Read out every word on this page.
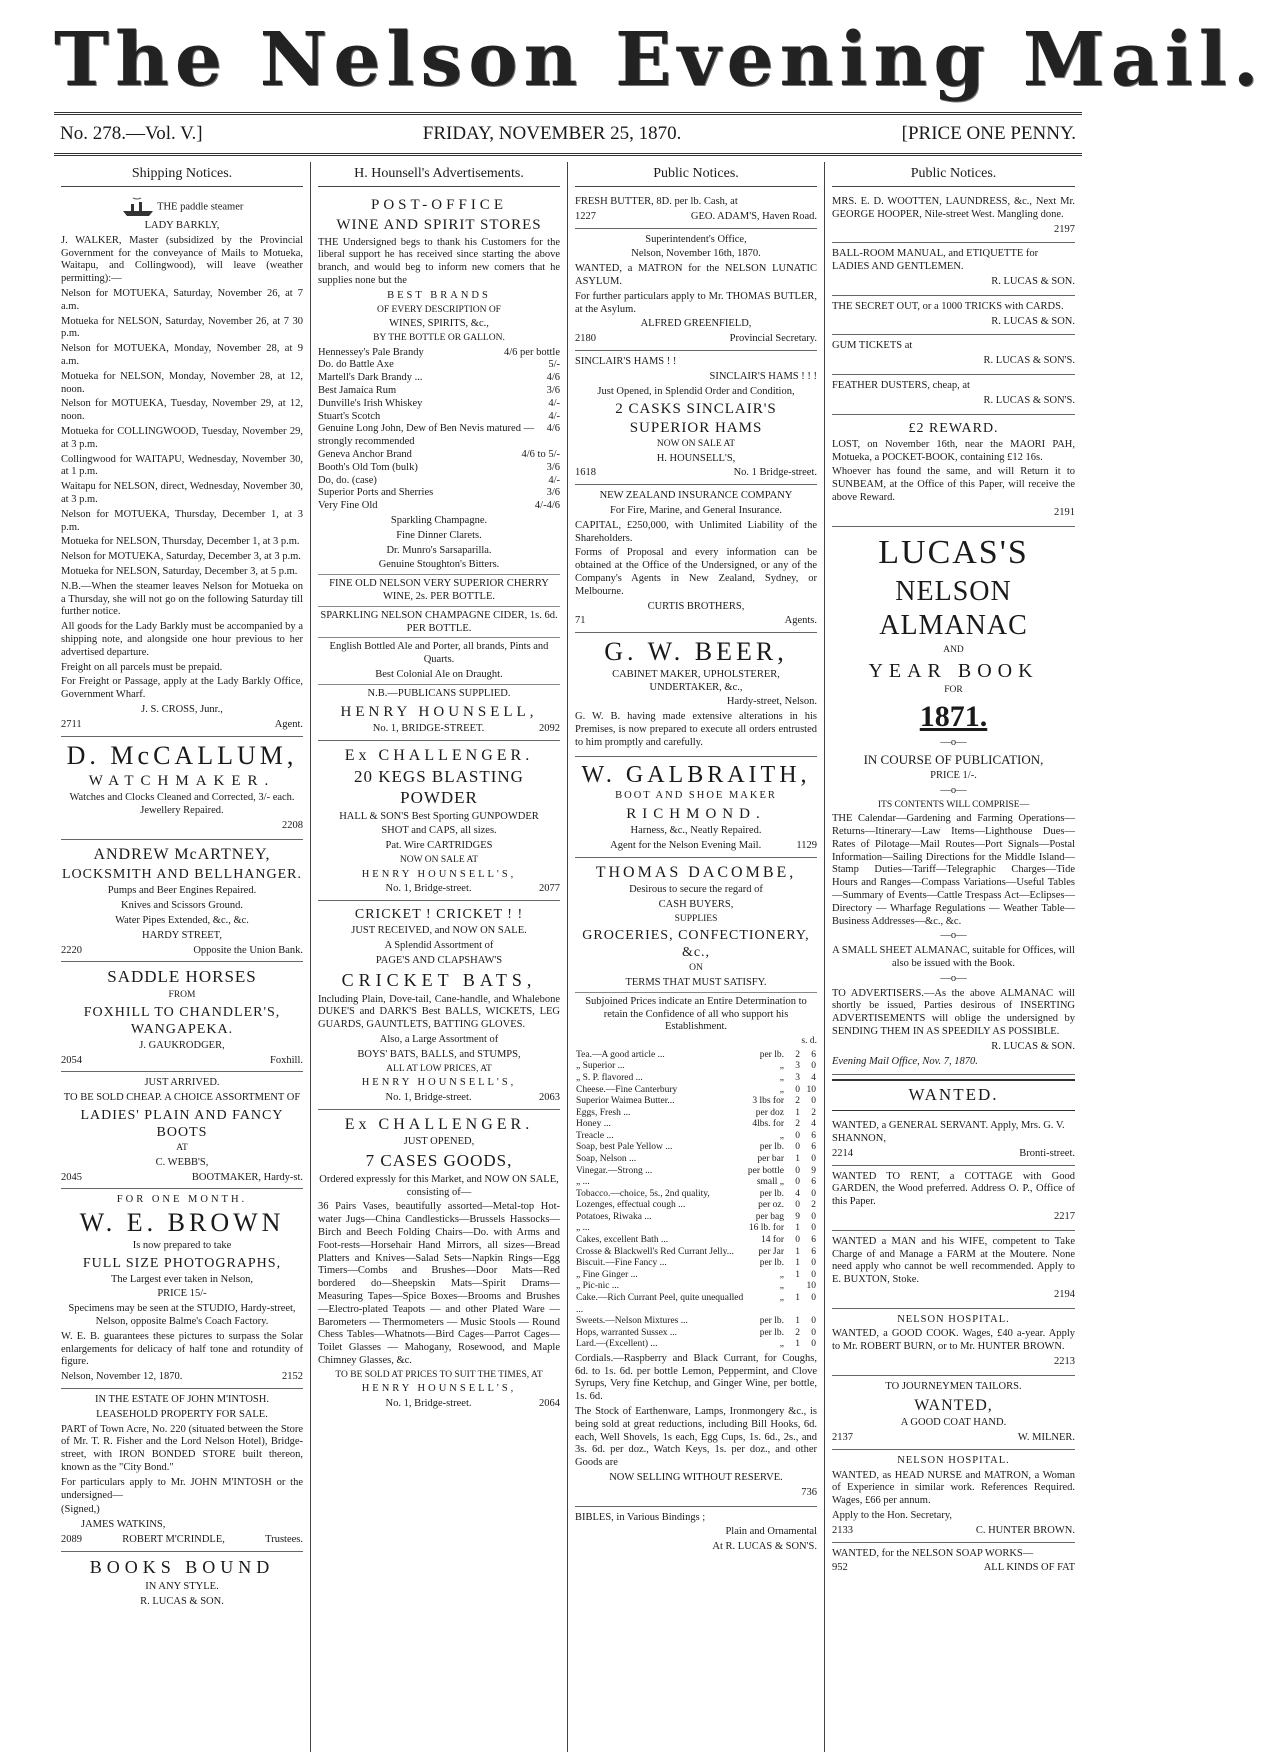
The Nelson Evening Mail.
No. 278.—Vol. V.]	FRIDAY, NOVEMBER 25, 1870.	[PRICE ONE PENNY.
Shipping Notices.

THE paddle steamer

LADY BARKLY,

J. WALKER, Master (subsidized by the Provincial Government for the conveyance of Mails to Motueka, Waitapu, and Collingwood), will leave (weather permitting):—

Nelson for MOTUEKA, Saturday, November 26, at 7 a.m.

Motueka for NELSON, Saturday, November 26, at 7 30 p.m.

Nelson for MOTUEKA, Monday, November 28, at 9 a.m.

Motueka for NELSON, Monday, November 28, at 12, noon.

Nelson for MOTUEKA, Tuesday, November 29, at 12, noon.

Motueka for COLLINGWOOD, Tuesday, November 29, at 3 p.m.

Collingwood for WAITAPU, Wednesday, November 30, at 1 p.m.

Waitapu for NELSON, direct, Wednesday, November 30, at 3 p.m.

Nelson for MOTUEKA, Thursday, December 1, at 3 p.m.

Motueka for NELSON, Thursday, December 1, at 3 p.m.

Nelson for MOTUEKA, Saturday, December 3, at 3 p.m.

Motueka for NELSON, Saturday, December 3, at 5 p.m.

N.B.—When the steamer leaves Nelson for Motueka on a Thursday, she will not go on the following Saturday till further notice.

All goods for the Lady Barkly must be accompanied by a shipping note, and alongside one hour previous to her advertised departure.

Freight on all parcels must be prepaid.

For Freight or Passage, apply at the Lady Barkly Office, Government Wharf.

J. S. CROSS, Junr.,

2711	Agent.

D. McCALLUM,

WATCHMAKER.

Watches and Clocks Cleaned and Corrected, 3/- each. Jewellery Repaired.

2208

ANDREW McARTNEY,

LOCKSMITH AND BELLHANGER.

Pumps and Beer Engines Repaired.

Knives and Scissors Ground.

Water Pipes Extended, &c., &c.

HARDY STREET,

2220	Opposite the Union Bank.

SADDLE HORSES

FROM

FOXHILL TO CHANDLER'S, WANGAPEKA.

J. GAUKRODGER,

2054	Foxhill.

JUST ARRIVED.

TO BE SOLD CHEAP. A CHOICE ASSORTMENT OF

LADIES' PLAIN AND FANCY BOOTS

AT

C. WEBB'S,

2045	BOOTMAKER, Hardy-st.

FOR ONE MONTH.

W. E. BROWN

Is now prepared to take

FULL SIZE PHOTOGRAPHS,

The Largest ever taken in Nelson,

PRICE 15/-

Specimens may be seen at the STUDIO, Hardy-street, Nelson, opposite Balme's Coach Factory.

W. E. B. guarantees these pictures to surpass the Solar enlargements for delicacy of half tone and rotundity of figure.

Nelson, November 12, 1870.	2152

IN THE ESTATE OF JOHN M'INTOSH.

LEASEHOLD PROPERTY FOR SALE.

PART of Town Acre, No. 220 (situated between the Store of Mr. T. R. Fisher and the Lord Nelson Hotel), Bridge-street, with IRON BONDED STORE built thereon, known as the "City Bond."

For particulars apply to Mr. JOHN M'INTOSH or the undersigned—

(Signed,)

JAMES WATKINS,

2089	ROBERT M'CRINDLE,	Trustees.

BOOKS BOUND

IN ANY STYLE.

R. LUCAS & SON.

H. Hounsell's Advertisements.

POST-OFFICE

WINE AND SPIRIT STORES

THE Undersigned begs to thank his Customers for the liberal support he has received since starting the above branch, and would beg to inform new comers that he supplies none but the

BEST BRANDS

OF EVERY DESCRIPTION OF

WINES, SPIRITS, &c.,

BY THE BOTTLE OR GALLON.

Hennessey's Pale Brandy	4/6 per bottle
Do. do Battle Axe	5/-
Martell's Dark Brandy ...	4/6
Best Jamaica Rum	3/6
Dunville's Irish Whiskey	4/-
Stuart's Scotch	4/-
Genuine Long John, Dew of Ben Nevis matured — strongly recommended
4/6
Geneva Anchor Brand	4/6 to 5/-
Booth's Old Tom (bulk)	3/6
Do, do. (case)	4/-
Superior Ports and Sherries	3/6
Very Fine Old	4/-4/6

Sparkling Champagne.

Fine Dinner Clarets.

Dr. Munro's Sarsaparilla.

Genuine Stoughton's Bitters.

FINE OLD NELSON VERY SUPERIOR CHERRY WINE, 2s. PER BOTTLE.

SPARKLING NELSON CHAMPAGNE CIDER, 1s. 6d. PER BOTTLE.

English Bottled Ale and Porter, all brands, Pints and Quarts.

Best Colonial Ale on Draught.

N.B.—PUBLICANS SUPPLIED.

HENRY HOUNSELL,

No. 1, BRIDGE-STREET.	2092

Ex CHALLENGER.

20 KEGS BLASTING POWDER

HALL & SON'S Best Sporting GUNPOWDER

SHOT and CAPS, all sizes.

Pat. Wire CARTRIDGES

NOW ON SALE AT

HENRY HOUNSELL'S,

No. 1, Bridge-street.	2077

CRICKET ! CRICKET ! !

JUST RECEIVED, and NOW ON SALE.

A Splendid Assortment of

PAGE'S AND CLAPSHAW'S

CRICKET BATS,

Including Plain, Dove-tail, Cane-handle, and Whalebone DUKE'S and DARK'S Best BALLS, WICKETS, LEG GUARDS, GAUNTLETS, BATTING GLOVES.

Also, a Large Assortment of

BOYS' BATS, BALLS, and STUMPS,

ALL AT LOW PRICES, AT

HENRY HOUNSELL'S,

No. 1, Bridge-street.	2063

Ex CHALLENGER.

JUST OPENED,

7 CASES GOODS,

Ordered expressly for this Market, and NOW ON SALE, consisting of—

36 Pairs Vases, beautifully assorted—Metal-top Hot-water Jugs—China Candlesticks—Brussels Hassocks—Birch and Beech Folding Chairs—Do. with Arms and Foot-rests—Horsehair Hand Mirrors, all sizes—Bread Platters and Knives—Salad Sets—Napkin Rings—Egg Timers—Combs and Brushes—Door Mats—Red bordered do—Sheepskin Mats—Spirit Drams—Measuring Tapes—Spice Boxes—Brooms and Brushes—Electro-plated Teapots — and other Plated Ware — Barometers — Thermometers — Music Stools — Round Chess Tables—Whatnots—Bird Cages—Parrot Cages—Toilet Glasses — Mahogany, Rosewood, and Maple Chimney Glasses, &c.

TO BE SOLD AT PRICES TO SUIT THE TIMES, AT

HENRY HOUNSELL'S,

No. 1, Bridge-street.	2064
Public Notices.

FRESH BUTTER, 8D. per lb. Cash, at

1227	GEO. ADAM'S, Haven Road.

Superintendent's Office,

Nelson, November 16th, 1870.

WANTED, a MATRON for the NELSON LUNATIC ASYLUM.

For further particulars apply to Mr. THOMAS BUTLER, at the Asylum.

ALFRED GREENFIELD,

2180	Provincial Secretary.

SINCLAIR'S HAMS ! !

SINCLAIR'S HAMS ! ! !

Just Opened, in Splendid Order and Condition,

2 CASKS SINCLAIR'S SUPERIOR HAMS

NOW ON SALE AT

H. HOUNSELL'S,

1618	No. 1 Bridge-street.

NEW ZEALAND INSURANCE COMPANY

For Fire, Marine, and General Insurance.

CAPITAL, £250,000, with Unlimited Liability of the Shareholders.

Forms of Proposal and every information can be obtained at the Office of the Undersigned, or any of the Company's Agents in New Zealand, Sydney, or Melbourne.

CURTIS BROTHERS,

71	Agents.

G. W. BEER,

CABINET MAKER, UPHOLSTERER, UNDERTAKER, &c.,

Hardy-street, Nelson.

G. W. B. having made extensive alterations in his Premises, is now prepared to execute all orders entrusted to him promptly and carefully.

W. GALBRAITH,

BOOT AND SHOE MAKER

RICHMOND.

Harness, &c., Neatly Repaired.

Agent for the Nelson Evening Mail.	1129

THOMAS DACOMBE,

Desirous to secure the regard of

CASH BUYERS,

SUPPLIES

GROCERIES, CONFECTIONERY, &c.,

ON

TERMS THAT MUST SATISFY.

Subjoined Prices indicate an Entire Determination to retain the Confidence of all who support his Establishment.

s. d.

Tea.—A good article ...	per lb.	2	6
„ Superior ...	„	3	0
„ S. P. flavored ...	„	3	4
Cheese.—Fine Canterbury	„	0	10
Superior Waimea Butter...	3 lbs for	2	0
Eggs, Fresh ...	per doz	1	2
Honey ...	4lbs. for	2	4
Treacle ...	„	0	6
Soap, best Pale Yellow ...	per lb.	0	6
Soap, Nelson ...	per bar	1	0
Vinegar.—Strong ...	per bottle	0	9
„ ...	small „	0	6
Tobacco.—choice, 5s., 2nd quality,	per lb.	4	0
Lozenges, effectual cough ...	per oz.	0	2
Potatoes, Riwaka ...	per bag	9	0
„ ...	16 lb. for	1	0
Cakes, excellent Bath ...	14 for	0	6
Crosse & Blackwell's Red Currant Jelly...	per Jar	1	6
Biscuit.—Fine Fancy ...	per lb.	1	0
„ Fine Ginger ...	„	1	0
„ Pic-nic ...	„		10
Cake.—Rich Currant Peel, quite unequalled ...	„	1	0
Sweets.—Nelson Mixtures ...	per lb.	1	0
Hops, warranted Sussex ...	per lb.	2	0
Lard.—(Excellent) ...	„	1	0

Cordials.—Raspberry and Black Currant, for Coughs, 6d. to 1s. 6d. per bottle Lemon, Peppermint, and Clove Syrups, Very fine Ketchup, and Ginger Wine, per bottle, 1s. 6d.

The Stock of Earthenware, Lamps, Ironmongery &c., is being sold at great reductions, including Bill Hooks, 6d. each, Well Shovels, 1s each, Egg Cups, 1s. 6d., 2s., and 3s. 6d. per doz., Watch Keys, 1s. per doz., and other Goods are

NOW SELLING WITHOUT RESERVE.

736

BIBLES, in Various Bindings ;

Plain and Ornamental

At R. LUCAS & SON'S.

Public Notices.

MRS. E. D. WOOTTEN, LAUNDRESS, &c., Next Mr. GEORGE HOOPER, Nile-street West. Mangling done.

2197

BALL-ROOM MANUAL, and ETIQUETTE for LADIES AND GENTLEMEN.

R. LUCAS & SON.

THE SECRET OUT, or a 1000 TRICKS with CARDS.

R. LUCAS & SON.

GUM TICKETS at

R. LUCAS & SON'S.

FEATHER DUSTERS, cheap, at

R. LUCAS & SON'S.

£2 REWARD.

LOST, on November 16th, near the MAORI PAH, Motueka, a POCKET-BOOK, containing £12 16s.

Whoever has found the same, and will Return it to SUNBEAM, at the Office of this Paper, will receive the above Reward.

2191

LUCAS'S

NELSON ALMANAC

AND

YEAR BOOK

FOR

1871.

—o—

IN COURSE OF PUBLICATION,

PRICE 1/-.

—o—

ITS CONTENTS WILL COMPRISE—

THE Calendar—Gardening and Farming Operations—Returns—Itinerary—Law Items—Lighthouse Dues—Rates of Pilotage—Mail Routes—Port Signals—Postal Information—Sailing Directions for the Middle Island—Stamp Duties—Tariff—Telegraphic Charges—Tide Hours and Ranges—Compass Variations—Useful Tables—Summary of Events—Cattle Trespass Act—Eclipses—Directory — Wharfage Regulations — Weather Table—Business Addresses—&c., &c.

—o—

A SMALL SHEET ALMANAC, suitable for Offices, will also be issued with the Book.

—o—

TO ADVERTISERS.—As the above ALMANAC will shortly be issued, Parties desirous of INSERTING ADVERTISEMENTS will oblige the undersigned by SENDING THEM IN AS SPEEDILY AS POSSIBLE.

R. LUCAS & SON.

Evening Mail Office, Nov. 7, 1870.

WANTED.

WANTED, a GENERAL SERVANT. Apply, Mrs. G. V. SHANNON,

2214	Bronti-street.

WANTED TO RENT, a COTTAGE with Good GARDEN, the Wood preferred. Address O. P., Office of this Paper.

2217

WANTED a MAN and his WIFE, competent to Take Charge of and Manage a FARM at the Moutere. None need apply who cannot be well recommended. Apply to E. BUXTON, Stoke.

2194

NELSON HOSPITAL.

WANTED, a GOOD COOK. Wages, £40 a-year. Apply to Mr. ROBERT BURN, or to Mr. HUNTER BROWN.

2213

TO JOURNEYMEN TAILORS.

WANTED,

A GOOD COAT HAND.

2137	W. MILNER.

NELSON HOSPITAL.

WANTED, as HEAD NURSE and MATRON, a Woman of Experience in similar work. References Required. Wages, £66 per annum.

Apply to the Hon. Secretary,

2133	C. HUNTER BROWN.

WANTED, for the NELSON SOAP WORKS—

952	ALL KINDS OF FAT
